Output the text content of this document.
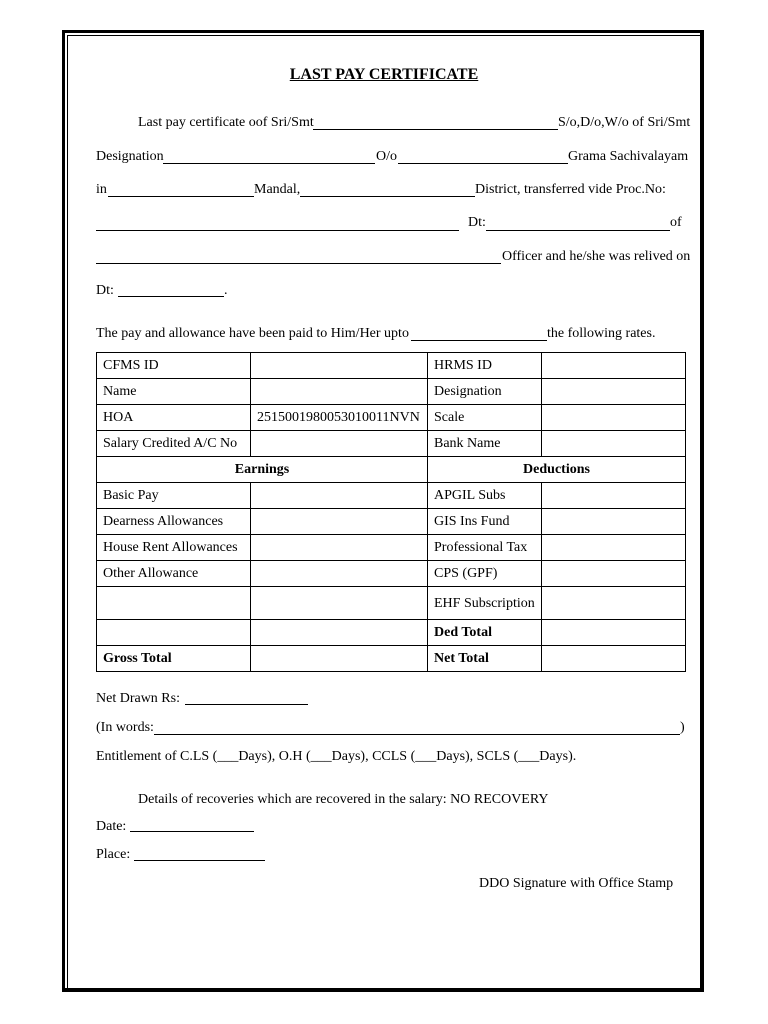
LAST PAY CERTIFICATE
Last pay certificate oof Sri/Smt	S/o,D/o,W/o of Sri/Smt
Designation	O/o	Grama Sachivalayam
in	Mandal,	District, transferred vide Proc.No:
Dt:	of
Officer and he/she was relived on
Dt:	.
The pay and allowance have been paid to Him/Her upto	the following rates.
CFMS ID		HRMS ID	
Name		Designation	
HOA	2515001980053010011NVN	Scale	
Salary Credited A/C No		Bank Name	
Earnings		Deductions	
Basic Pay		APGIL Subs	
Dearness Allowances		GIS Ins Fund	
House Rent Allowances		Professional Tax	
Other Allowance		CPS (GPF)	
		EHF Subscription	
		Ded Total	
Gross Total		Net Total	
Net Drawn Rs:
(In words:	)
Entitlement of C.LS (___Days), O.H (___Days), CCLS (___Days), SCLS (___Days).
Details of recoveries which are recovered in the salary: NO RECOVERY
Date:
Place:
DDO Signature with Office Stamp
